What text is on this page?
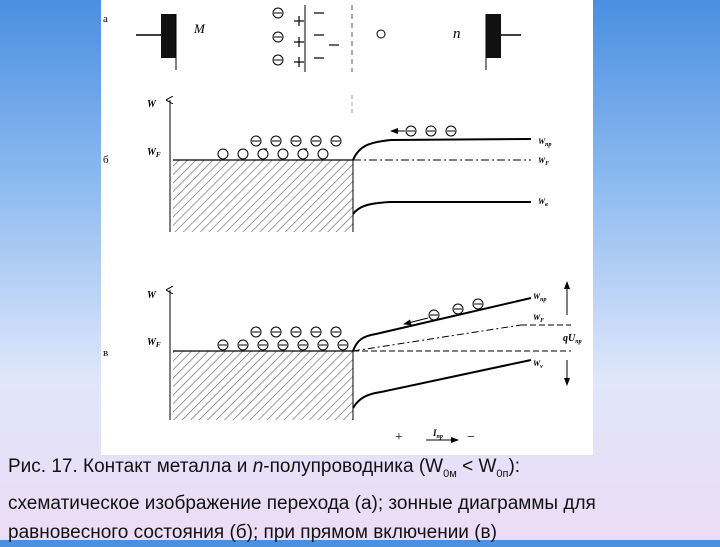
а
M	n
б
W
$W_F$
$W_{пр}$
$W_F$
$W_в$
в
W
$W_F$
$W_{пр}$
$W_F$
$W_v$
$qU_{пр}$
+	−
$I_{пр}$
Рис. 17. Контакт металла и n-полупроводника $(W_{0м} < W_{0п})$:
схематическое изображение перехода (а); зонные диаграммы для
равновесного состояния (б); при прямом включении (в)
